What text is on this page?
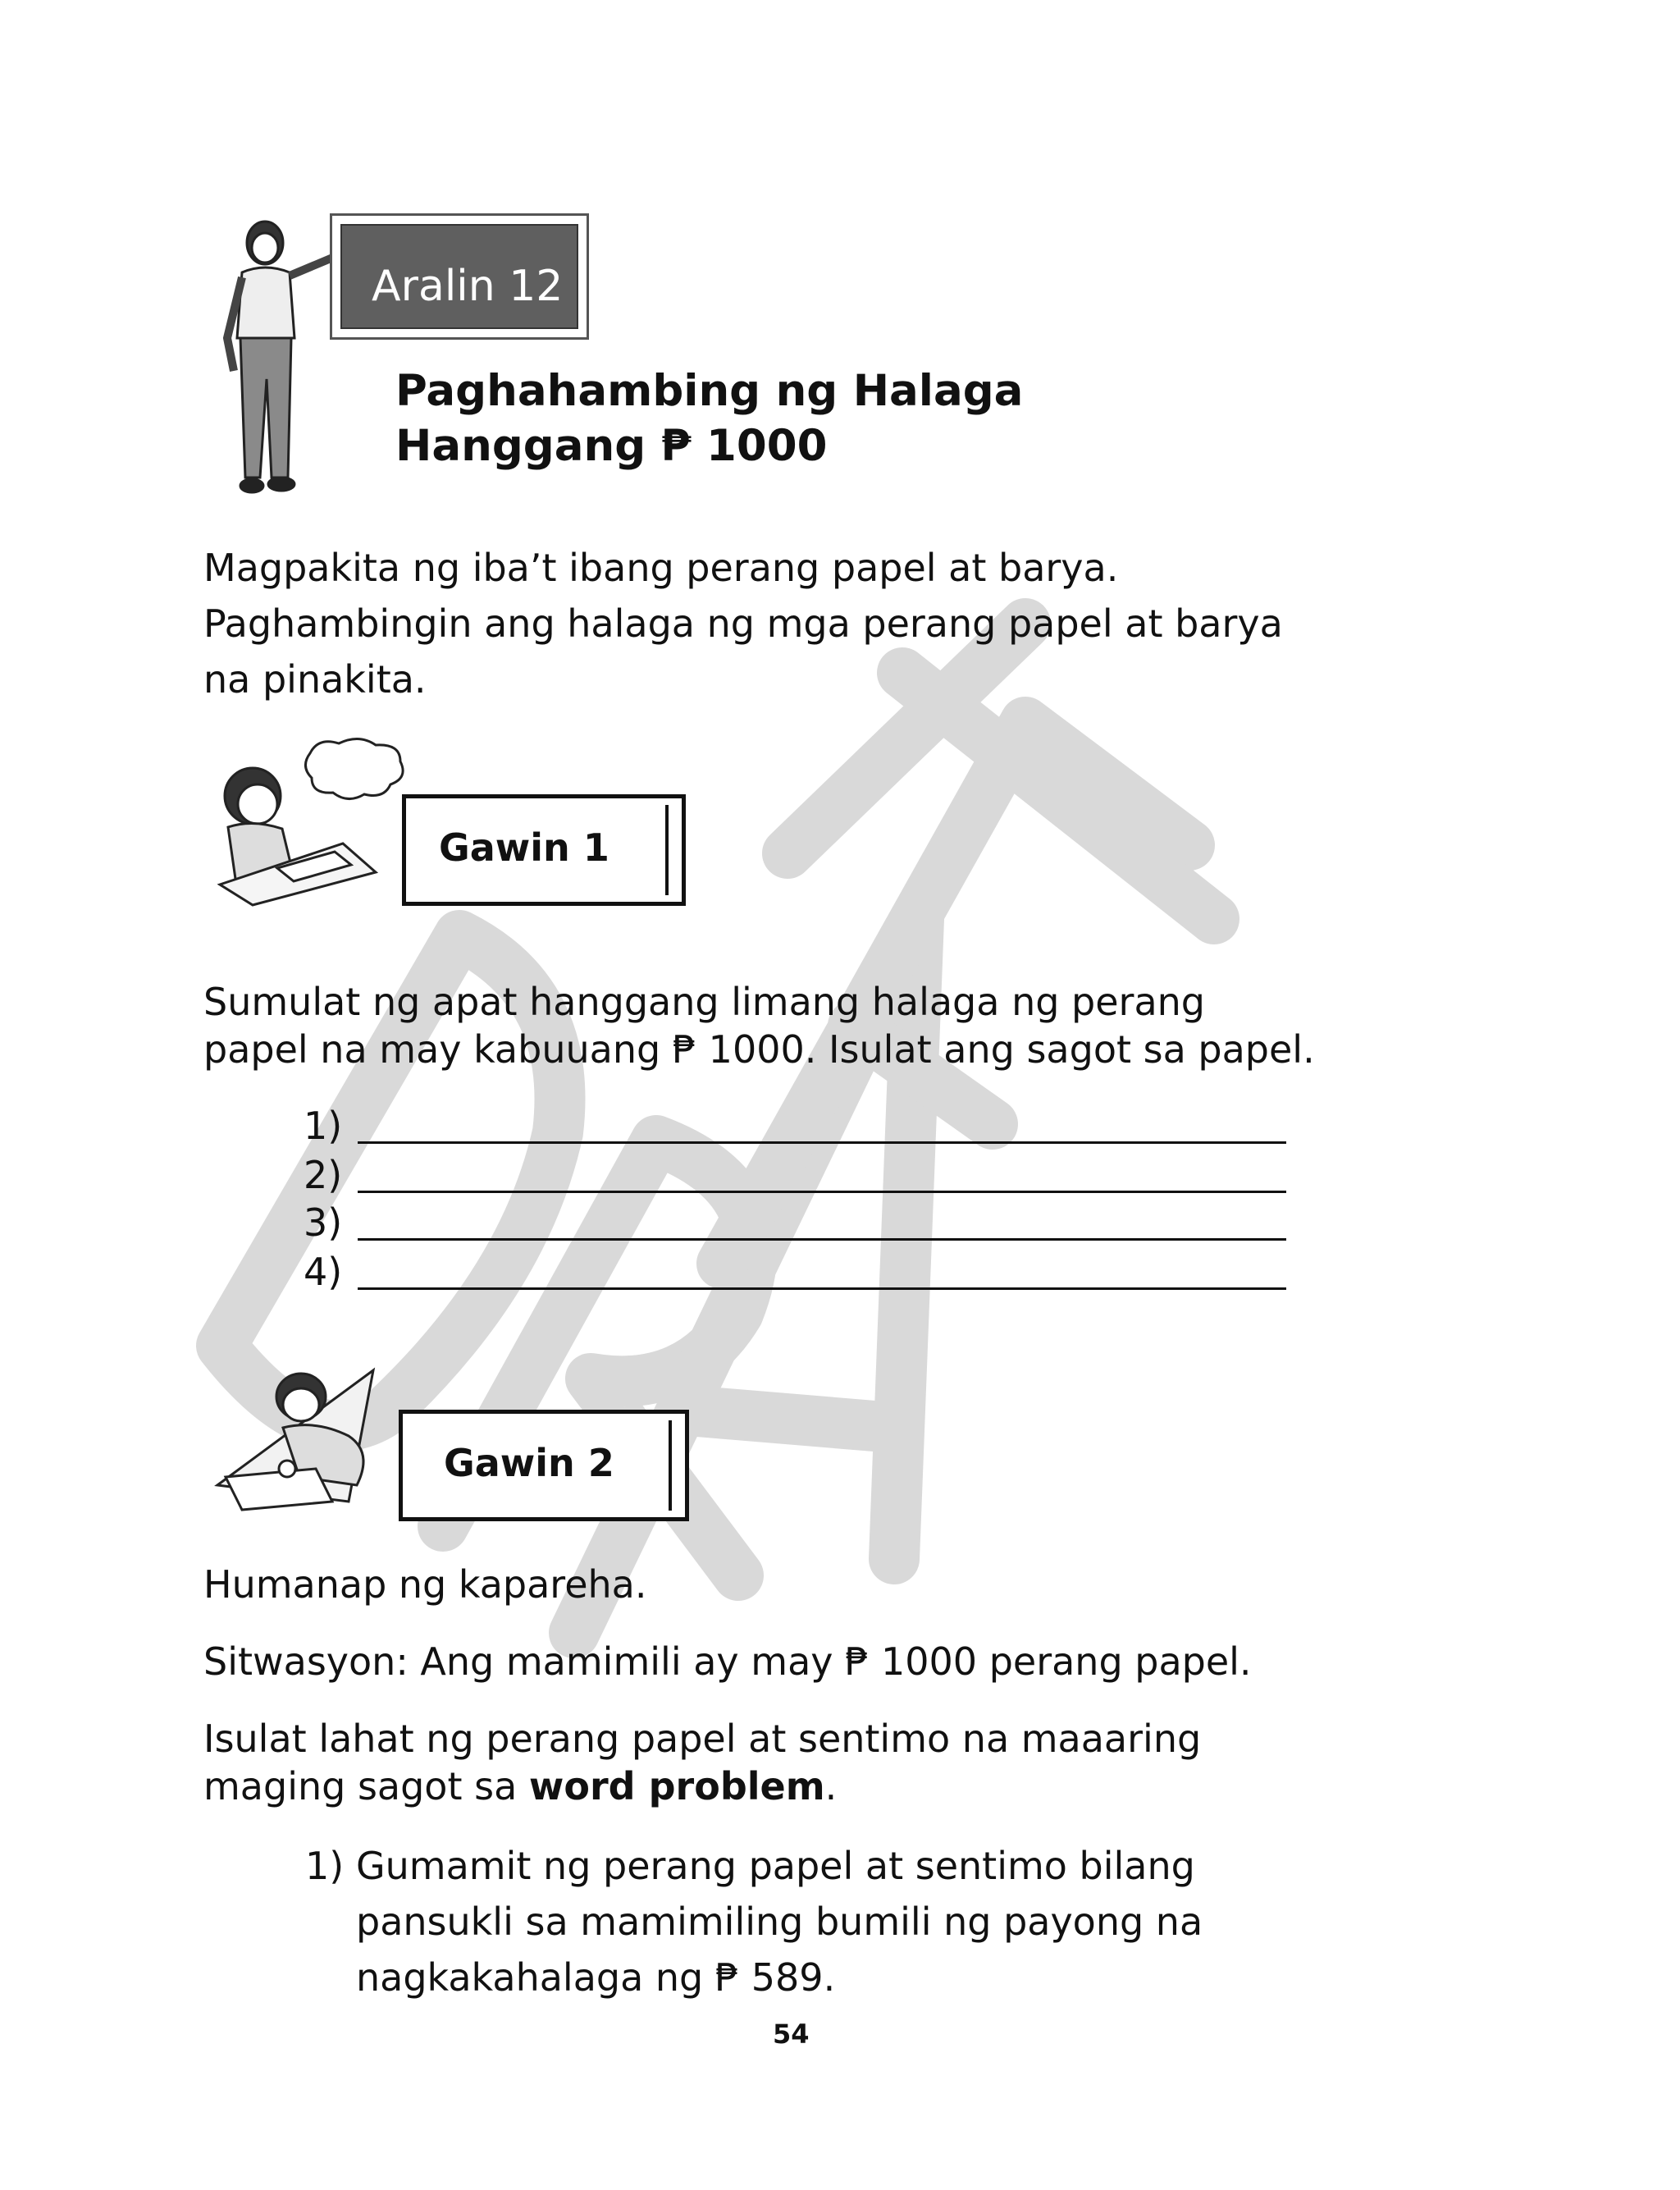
Aralin 12
Paghahambing ng Halaga
Hanggang ₱ 1000
Magpakita ng iba’t ibang perang papel at barya.
Paghambingin ang halaga ng mga perang papel at barya
na pinakita.
Gawin 1
Sumulat ng apat hanggang limang halaga ng perang
papel na may kabuuang ₱ 1000. Isulat ang sagot sa papel.
1)
2)
3)
4)
Gawin 2
Humanap ng kapareha.
Sitwasyon: Ang mamimili ay may ₱ 1000 perang papel.
Isulat lahat ng perang papel at sentimo na maaaring
maging sagot sa word problem.
1) Gumamit ng perang papel at sentimo bilang
pansukli sa mamimiling bumili ng payong na
nagkakahalaga ng ₱ 589.
54
